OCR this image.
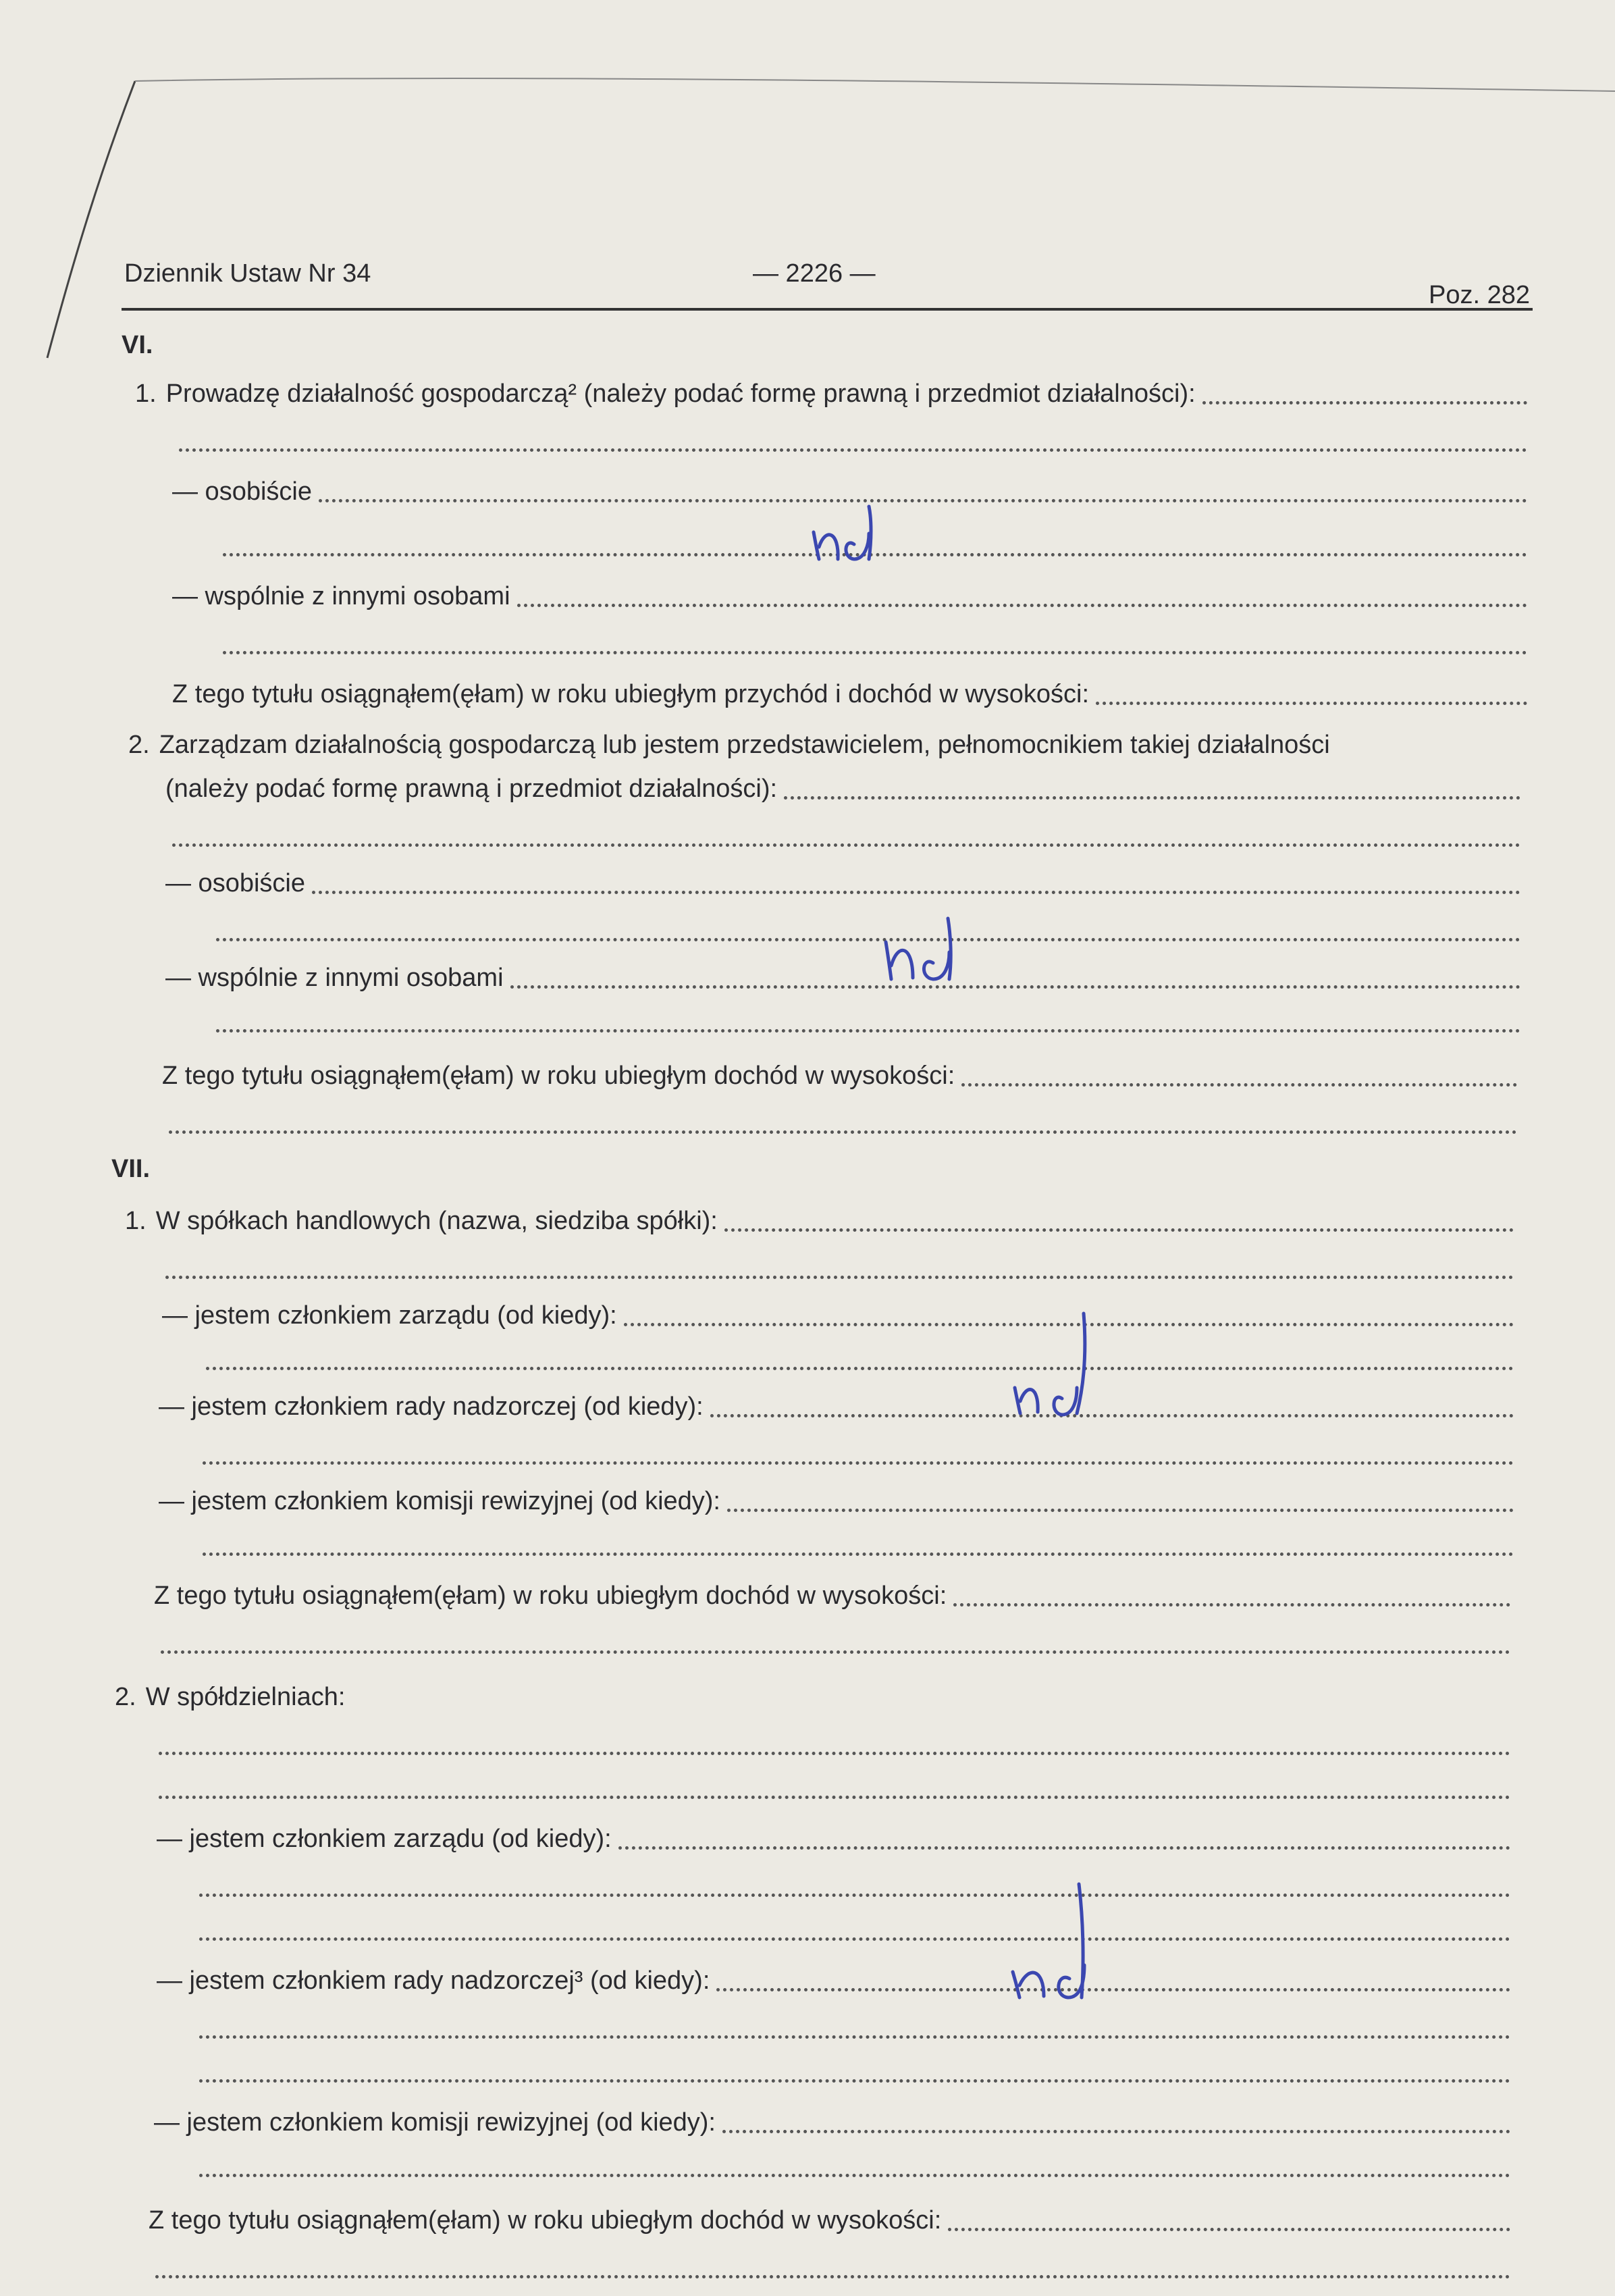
Dziennik Ustaw Nr 34	— 2226 —
Poz. 282
VI.
1. Prowadzę działalność gospodarczą² (należy podać formę prawną i przedmiot działalności):
— osobiście
— wspólnie z innymi osobami
Z tego tytułu osiągnąłem(ęłam) w roku ubiegłym przychód i dochód w wysokości:
2. Zarządzam działalnością gospodarczą lub jestem przedstawicielem, pełnomocnikiem takiej działalności
(należy podać formę prawną i przedmiot działalności):
— osobiście
— wspólnie z innymi osobami
Z tego tytułu osiągnąłem(ęłam) w roku ubiegłym dochód w wysokości:
VII.
1. W spółkach handlowych (nazwa, siedziba spółki):
— jestem członkiem zarządu (od kiedy):
— jestem członkiem rady nadzorczej (od kiedy):
— jestem członkiem komisji rewizyjnej (od kiedy):
Z tego tytułu osiągnąłem(ęłam) w roku ubiegłym dochód w wysokości:
2. W spółdzielniach:
— jestem członkiem zarządu (od kiedy):
— jestem członkiem rady nadzorczej³ (od kiedy):
— jestem członkiem komisji rewizyjnej (od kiedy):
Z tego tytułu osiągnąłem(ęłam) w roku ubiegłym dochód w wysokości:
